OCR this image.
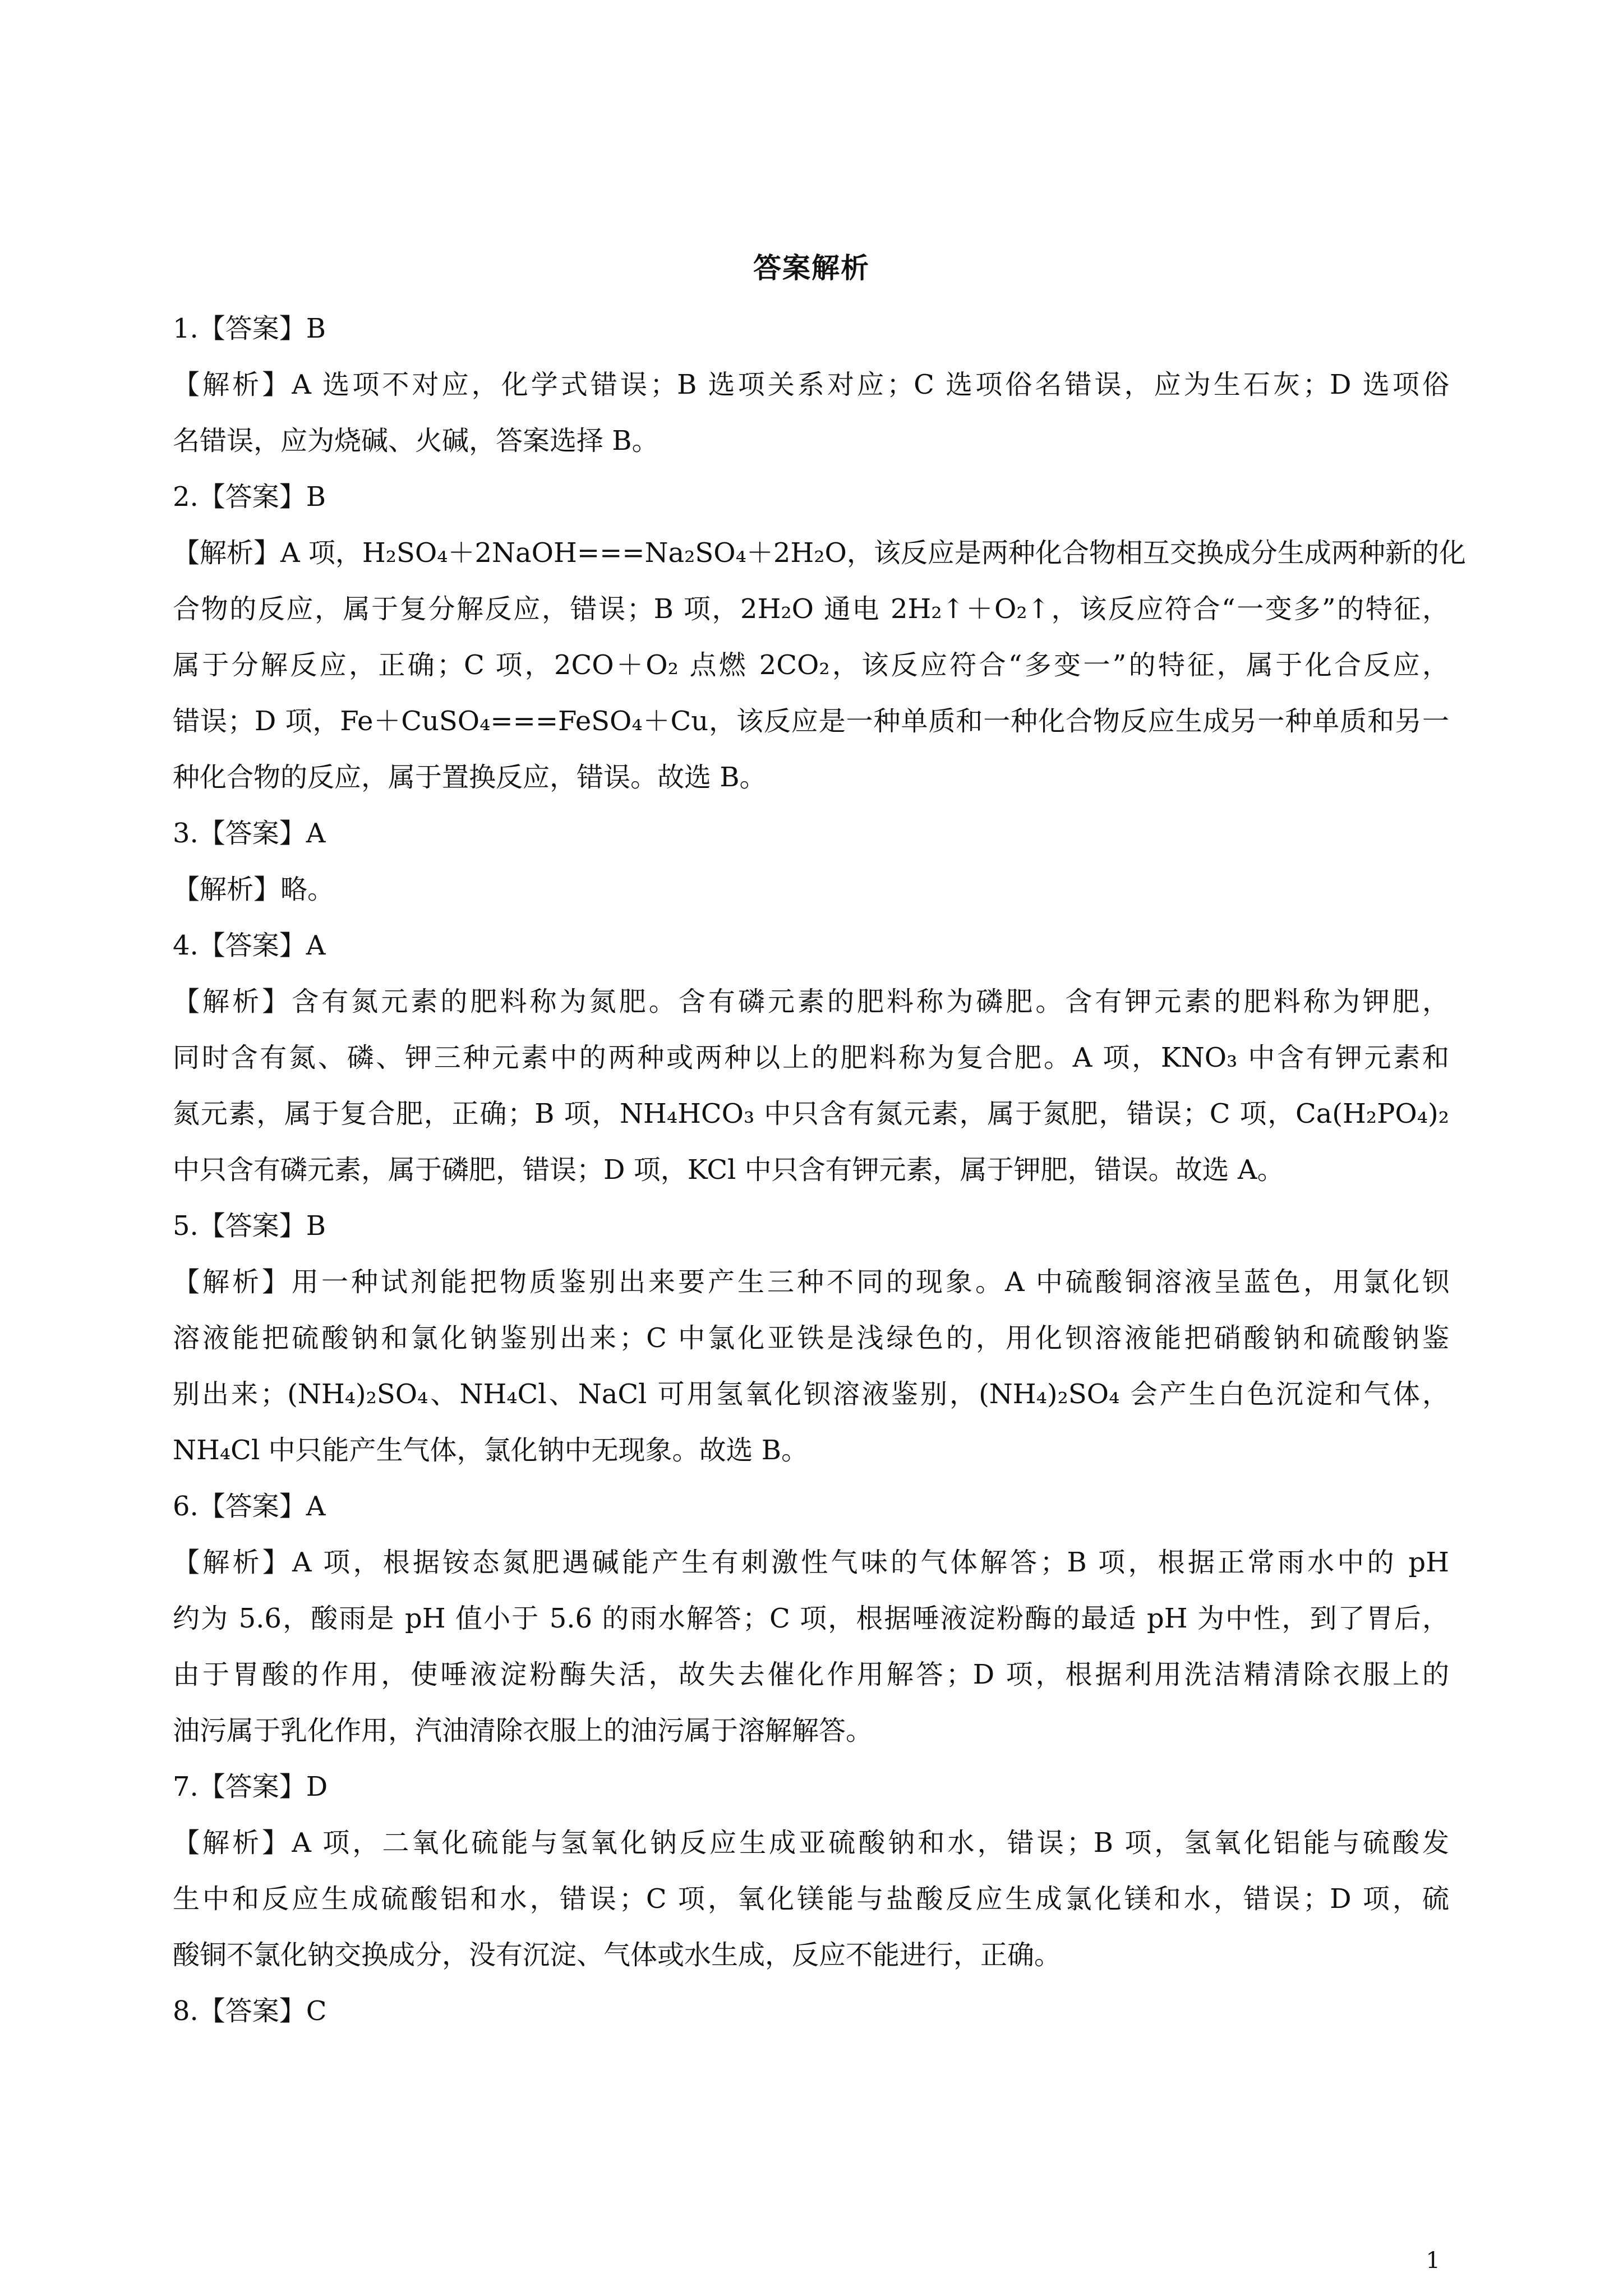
答案解析
1.【答案】B
【解析】A 选项不对应，化学式错误；B 选项关系对应；C 选项俗名错误，应为生石灰；D 选项俗
名错误，应为烧碱、火碱，答案选择 B。
2.【答案】B
【解析】A 项，H₂SO₄＋2NaOH===Na₂SO₄＋2H₂O，该反应是两种化合物相互交换成分生成两种新的化
合物的反应，属于复分解反应，错误；B 项，2H₂O 通电 2H₂↑＋O₂↑，该反应符合“一变多”的特征，
属于分解反应，正确；C 项，2CO＋O₂ 点燃 2CO₂，该反应符合“多变一”的特征，属于化合反应，
错误；D 项，Fe＋CuSO₄===FeSO₄＋Cu，该反应是一种单质和一种化合物反应生成另一种单质和另一
种化合物的反应，属于置换反应，错误。故选 B。
3.【答案】A
【解析】略。
4.【答案】A
【解析】含有氮元素的肥料称为氮肥。含有磷元素的肥料称为磷肥。含有钾元素的肥料称为钾肥，
同时含有氮、磷、钾三种元素中的两种或两种以上的肥料称为复合肥。A 项，KNO₃ 中含有钾元素和
氮元素，属于复合肥，正确；B 项，NH₄HCO₃ 中只含有氮元素，属于氮肥，错误；C 项，Ca(H₂PO₄)₂
中只含有磷元素，属于磷肥，错误；D 项，KCl 中只含有钾元素，属于钾肥，错误。故选 A。
5.【答案】B
【解析】用一种试剂能把物质鉴别出来要产生三种不同的现象。A 中硫酸铜溶液呈蓝色，用氯化钡
溶液能把硫酸钠和氯化钠鉴别出来；C 中氯化亚铁是浅绿色的，用化钡溶液能把硝酸钠和硫酸钠鉴
别出来；(NH₄)₂SO₄、NH₄Cl、NaCl 可用氢氧化钡溶液鉴别，(NH₄)₂SO₄ 会产生白色沉淀和气体，
NH₄Cl 中只能产生气体，氯化钠中无现象。故选 B。
6.【答案】A
【解析】A 项，根据铵态氮肥遇碱能产生有刺激性气味的气体解答；B 项，根据正常雨水中的 pH
约为 5.6，酸雨是 pH 值小于 5.6 的雨水解答；C 项，根据唾液淀粉酶的最适 pH 为中性，到了胃后，
由于胃酸的作用，使唾液淀粉酶失活，故失去催化作用解答；D 项，根据利用洗洁精清除衣服上的
油污属于乳化作用，汽油清除衣服上的油污属于溶解解答。
7.【答案】D
【解析】A 项，二氧化硫能与氢氧化钠反应生成亚硫酸钠和水，错误；B 项，氢氧化铝能与硫酸发
生中和反应生成硫酸铝和水，错误；C 项，氧化镁能与盐酸反应生成氯化镁和水，错误；D 项，硫
酸铜不氯化钠交换成分，没有沉淀、气体或水生成，反应不能进行，正确。
8.【答案】C
1
